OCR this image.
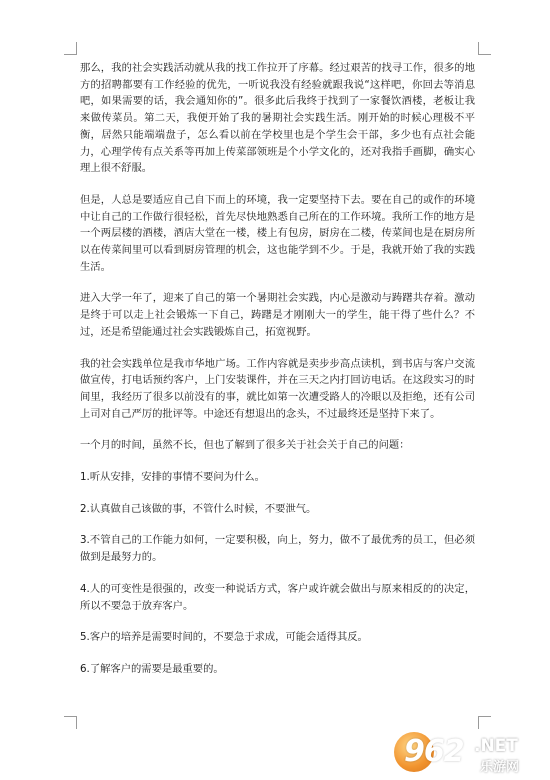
那么，我的社会实践活动就从我的找工作拉开了序幕。经过艰苦的找寻工作，很多的地方的招聘都要有工作经验的优先，一听说我没有经验就跟我说“这样吧，你回去等消息吧，如果需要的话，我会通知你的”。很多此后我终于找到了一家餐饮酒楼，老板让我来做传菜员。第二天，我便开始了我的暑期社会实践生活。刚开始的时候心理极不平衡，居然只能端端盘子，怎么看以前在学校里也是个学生会干部，多少也有点社会能力，心理学传有点关系等再加上传菜部领班是个小学文化的，还对我指手画脚，确实心理上很不舒服。

但是，人总是要适应自己自下而上的环境，我一定要坚持下去。要在自己的或作的环境中让自己的工作做行很轻松，首先尽快地熟悉自己所在的工作环境。我所工作的地方是一个两层楼的酒楼，酒店大堂在一楼，楼上有包房，厨房在二楼，传菜间也是在厨房所以在传菜间里可以看到厨房管理的机会，这也能学到不少。于是，我就开始了我的实践生活。

进入大学一年了，迎来了自己的第一个暑期社会实践，内心是激动与踌躇共存着。激动是终于可以走上社会锻炼一下自己，踌躇是才刚刚大一的学生，能干得了些什么？不过，还是希望能通过社会实践锻炼自己，拓宽视野。

我的社会实践单位是我市华地广场。工作内容就是卖步步高点读机，到书店与客户交流做宣传，打电话预约客户，上门安装课件，并在三天之内打回访电话。在这段实习的时间里，我经历了很多以前没有的事，就比如第一次遭受路人的冷眼以及拒绝，还有公司上司对自己严厉的批评等。中途还有想退出的念头，不过最终还是坚持下来了。

一个月的时间，虽然不长，但也了解到了很多关于社会关于自己的问题：

1.听从安排，安排的事情不要问为什么。

2.认真做自己该做的事，不管什么时候，不要泄气。

3.不管自己的工作能力如何，一定要积极，向上，努力，做不了最优秀的员工，但必须做到是最努力的。

4.人的可变性是很强的，改变一种说话方式，客户或许就会做出与原来相反的的决定，所以不要急于放弃客户。

5.客户的培养是需要时间的，不要急于求成，可能会适得其反。

6.了解客户的需要是最重要的。

962 .NET
乐游网
